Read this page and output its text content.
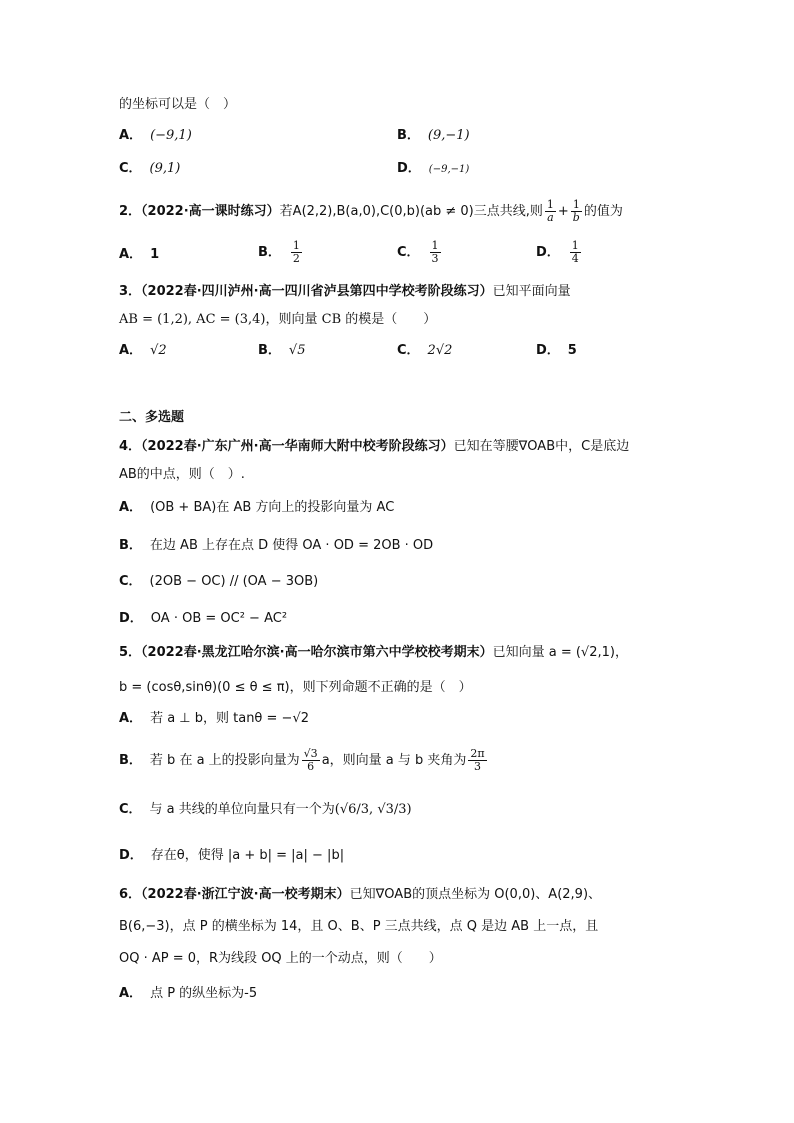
的坐标可以是（　）
A． (−9,1)	B． (9,−1)
C． (9,1)	D． (−9,−1)
2．（2022·高一课时练习）若A(2,2),B(a,0),C(0,b)(ab ≠ 0)三点共线,则 $\frac{1}{a} + \frac{1}{b}$ 的值为
A． 1	B． $\frac{1}{2}$	C． $\frac{1}{3}$	D． $\frac{1}{4}$
3．（2022春·四川泸州·高一四川省泸县第四中学校考阶段练习）已知平面向量
AB = (1,2), AC = (3,4)，则向量 CB 的模是（　　）
A． √2	B． √5	C． 2√2	D． 5
二、多选题
4．（2022春·广东广州·高一华南师大附中校考阶段练习）已知在等腰∇OAB中，C是底边
AB的中点，则（　）.
A． (OB + BA)在 AB 方向上的投影向量为 AC
B． 在边 AB 上存在点 D 使得 OA · OD = 2OB · OD
C． (2OB − OC) // (OA − 3OB)
D． OA · OB = OC² − AC²
5．（2022春·黑龙江哈尔滨·高一哈尔滨市第六中学校校考期末）已知向量 a = (√2,1)，
b = (cosθ,sinθ)(0 ≤ θ ≤ π)，则下列命题不正确的是（　）
A． 若 a ⊥ b，则 tanθ = −√2
B． 若 b 在 a 上的投影向量为 $\frac{√3}{6}$ a，则向量 a 与 b 夹角为 $\frac{2\pi}{3}$
C． 与 a 共线的单位向量只有一个为(√6/3, √3/3)
D． 存在θ，使得 |a + b| = |a| − |b|
6．（2022春·浙江宁波·高一校考期末）已知∇OAB的顶点坐标为 O(0,0)、A(2,9)、
B(6,−3)，点 P 的横坐标为 14，且 O、B、P 三点共线，点 Q 是边 AB 上一点，且
OQ · AP = 0，R为线段 OQ 上的一个动点，则（　　）
A． 点 P 的纵坐标为-5
